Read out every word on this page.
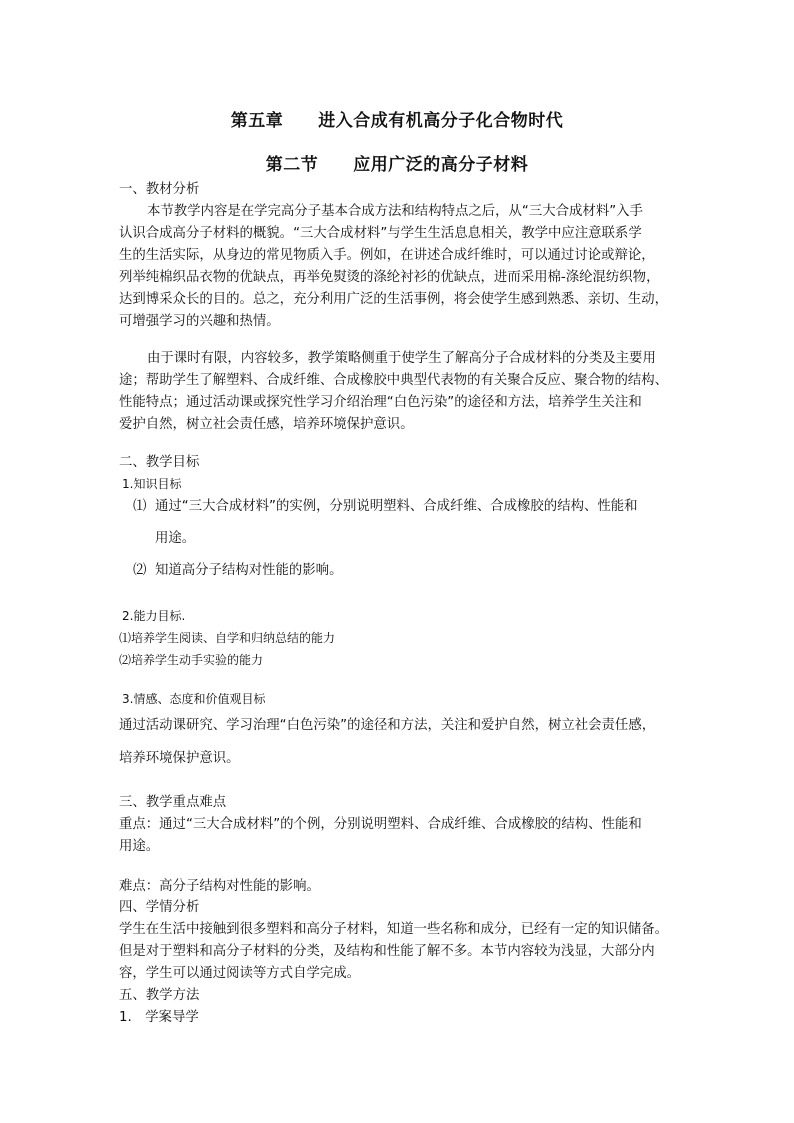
第五章　　进入合成有机高分子化合物时代
第二节　　应用广泛的高分子材料
一、教材分析
本节教学内容是在学完高分子基本合成方法和结构特点之后，从“三大合成材料”入手
认识合成高分子材料的概貌。“三大合成材料”与学生生活息息相关，教学中应注意联系学
生的生活实际，从身边的常见物质入手。例如，在讲述合成纤维时，可以通过讨论或辩论，
列举纯棉织品衣物的优缺点，再举免熨烫的涤纶衬衫的优缺点，进而采用棉-涤纶混纺织物，
达到博采众长的目的。总之，充分利用广泛的生活事例，将会使学生感到熟悉、亲切、生动，
可增强学习的兴趣和热情。
由于课时有限，内容较多，教学策略侧重于使学生了解高分子合成材料的分类及主要用
途；帮助学生了解塑料、合成纤维、合成橡胶中典型代表物的有关聚合反应、聚合物的结构、
性能特点；通过活动课或探究性学习介绍治理“白色污染”的途径和方法，培养学生关注和
爱护自然，树立社会责任感，培养环境保护意识。
二、教学目标
1.知识目标
⑴ 通过“三大合成材料”的实例，分别说明塑料、合成纤维、合成橡胶的结构、性能和
用途。
⑵ 知道高分子结构对性能的影响。
2.能力目标.
⑴培养学生阅读、自学和归纳总结的能力
⑵培养学生动手实验的能力
3.情感、态度和价值观目标
通过活动课研究、学习治理“白色污染”的途径和方法，关注和爱护自然，树立社会责任感，
培养环境保护意识。
三、教学重点难点
重点：通过“三大合成材料”的个例，分别说明塑料、合成纤维、合成橡胶的结构、性能和
用途。
难点：高分子结构对性能的影响。
四、学情分析
学生在生活中接触到很多塑料和高分子材料，知道一些名称和成分，已经有一定的知识储备。
但是对于塑料和高分子材料的分类，及结构和性能了解不多。本节内容较为浅显，大部分内
容，学生可以通过阅读等方式自学完成。
五、教学方法
1.　学案导学
